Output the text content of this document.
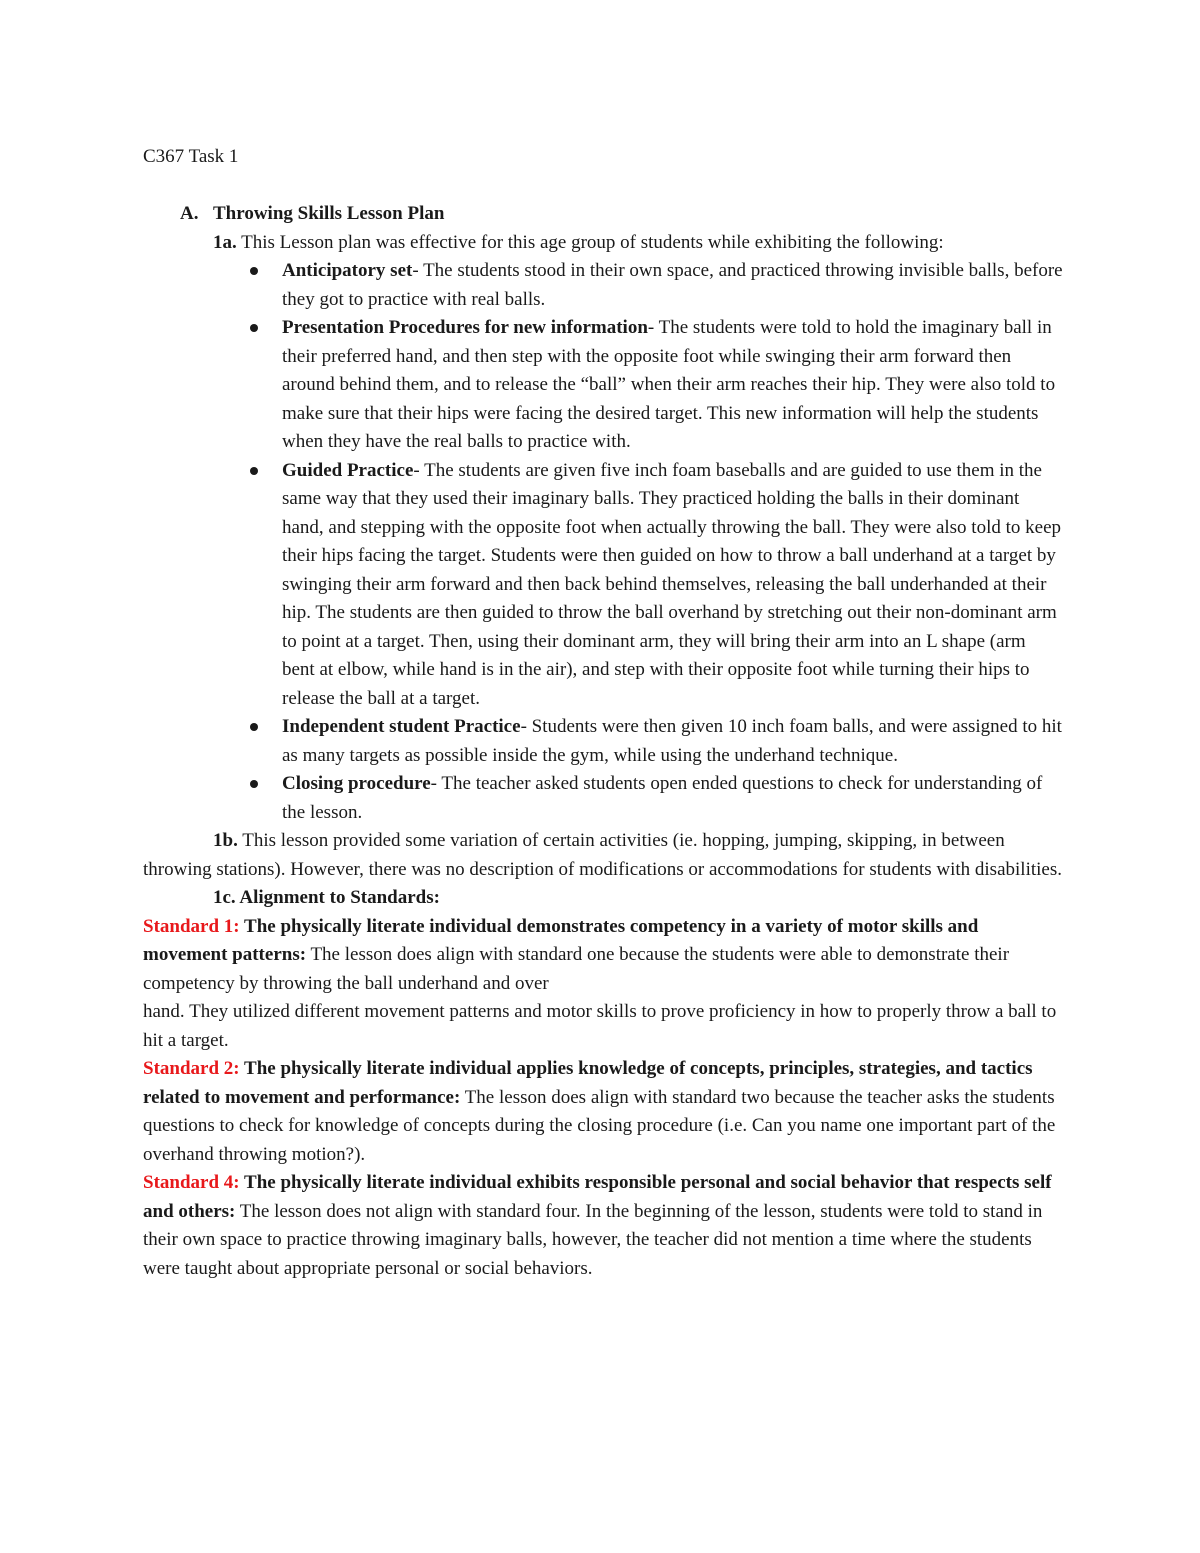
C367 Task 1

A. Throwing Skills Lesson Plan

1a. This Lesson plan was effective for this age group of students while exhibiting the following:

Anticipatory set- The students stood in their own space, and practiced throwing invisible balls, before they got to practice with real balls.
Presentation Procedures for new information- The students were told to hold the imaginary ball in their preferred hand, and then step with the opposite foot while swinging their arm forward then around behind them, and to release the “ball” when their arm reaches their hip. They were also told to make sure that their hips were facing the desired target. This new information will help the students when they have the real balls to practice with.
Guided Practice- The students are given five inch foam baseballs and are guided to use them in the same way that they used their imaginary balls. They practiced holding the balls in their dominant hand, and stepping with the opposite foot when actually throwing the ball. They were also told to keep their hips facing the target. Students were then guided on how to throw a ball underhand at a target by swinging their arm forward and then back behind themselves, releasing the ball underhanded at their hip. The students are then guided to throw the ball overhand by stretching out their non-dominant arm to point at a target. Then, using their dominant arm, they will bring their arm into an L shape (arm bent at elbow, while hand is in the air), and step with their opposite foot while turning their hips to release the ball at a target.
Independent student Practice- Students were then given 10 inch foam balls, and were assigned to hit as many targets as possible inside the gym, while using the underhand technique.
Closing procedure- The teacher asked students open ended questions to check for understanding of the lesson.

1b. This lesson provided some variation of certain activities (ie. hopping, jumping, skipping, in between throwing stations). However, there was no description of modifications or accommodations for students with disabilities.

1c. Alignment to Standards:

Standard 1: The physically literate individual demonstrates competency in a variety of motor skills and movement patterns: The lesson does align with standard one because the students were able to demonstrate their competency by throwing the ball underhand and over

hand. They utilized different movement patterns and motor skills to prove proficiency in how to properly throw a ball to hit a target.

Standard 2: The physically literate individual applies knowledge of concepts, principles, strategies, and tactics related to movement and performance: The lesson does align with standard two because the teacher asks the students questions to check for knowledge of concepts during the closing procedure (i.e. Can you name one important part of the overhand throwing motion?).

Standard 4: The physically literate individual exhibits responsible personal and social behavior that respects self and others: The lesson does not align with standard four. In the beginning of the lesson, students were told to stand in their own space to practice throwing imaginary balls, however, the teacher did not mention a time where the students were taught about appropriate personal or social behaviors.
